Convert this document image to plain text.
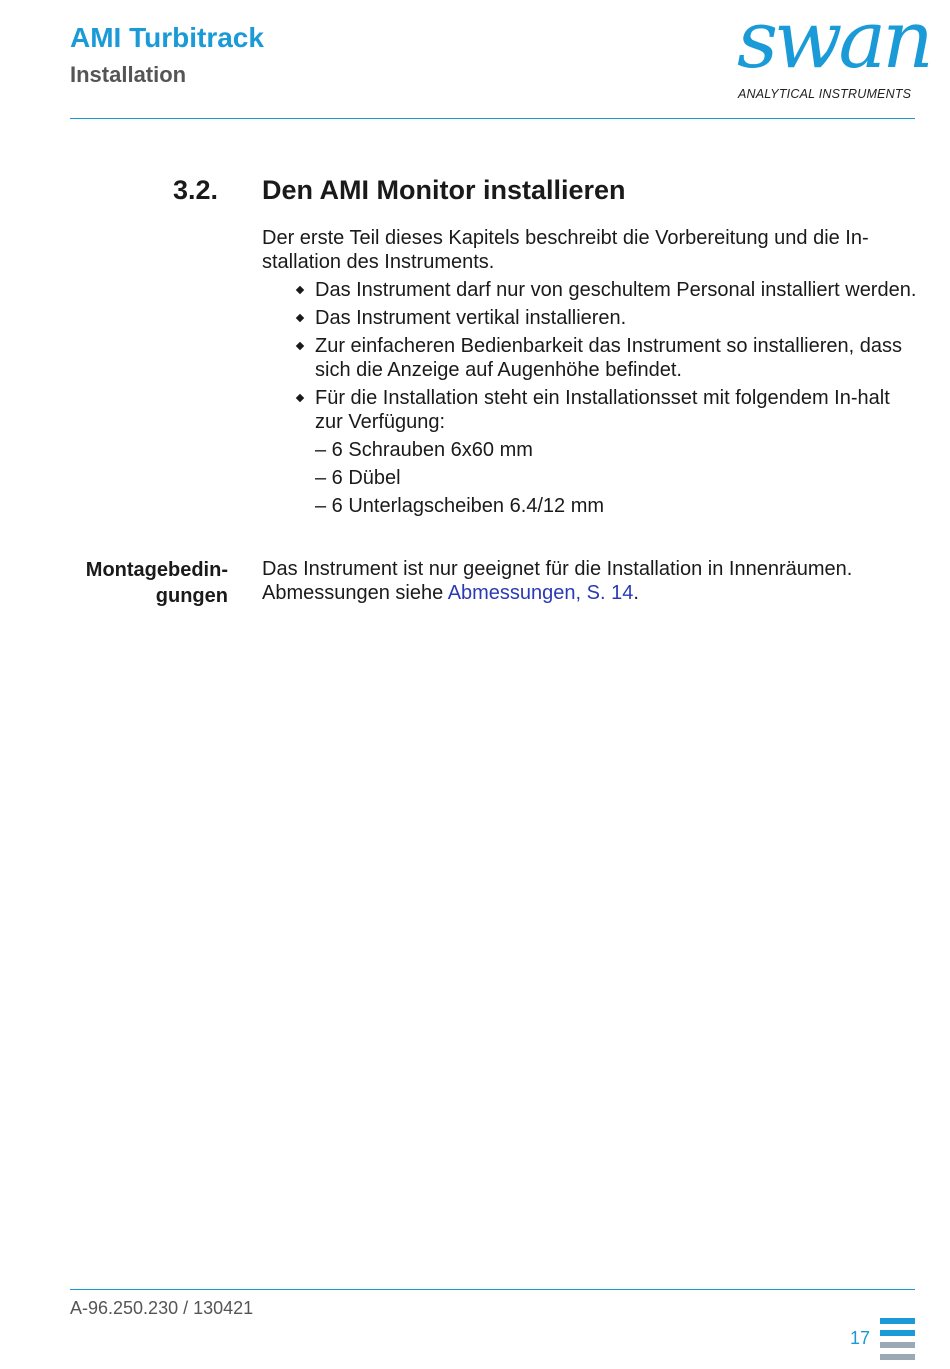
AMI Turbitrack
Installation	swan
ANALYTICAL INSTRUMENTS
3.2. Den AMI Monitor installieren

Der erste Teil dieses Kapitels beschreibt die Vorbereitung und die In-stallation des Instruments.

Das Instrument darf nur von geschultem Personal installiert werden.
Das Instrument vertikal installieren.
Zur einfacheren Bedienbarkeit das Instrument so installieren, dass sich die Anzeige auf Augenhöhe befindet.
Für die Installation steht ein Installationsset mit folgendem In-halt zur Verfügung:
– 6 Schrauben 6x60 mm
– 6 Dübel
– 6 Unterlagscheiben 6.4/12 mm
Montagebedin-
gungen
Das Instrument ist nur geeignet für die Installation in Innenräumen.
Abmessungen siehe Abmessungen, S. 14.
A-96.250.230 / 130421
17
